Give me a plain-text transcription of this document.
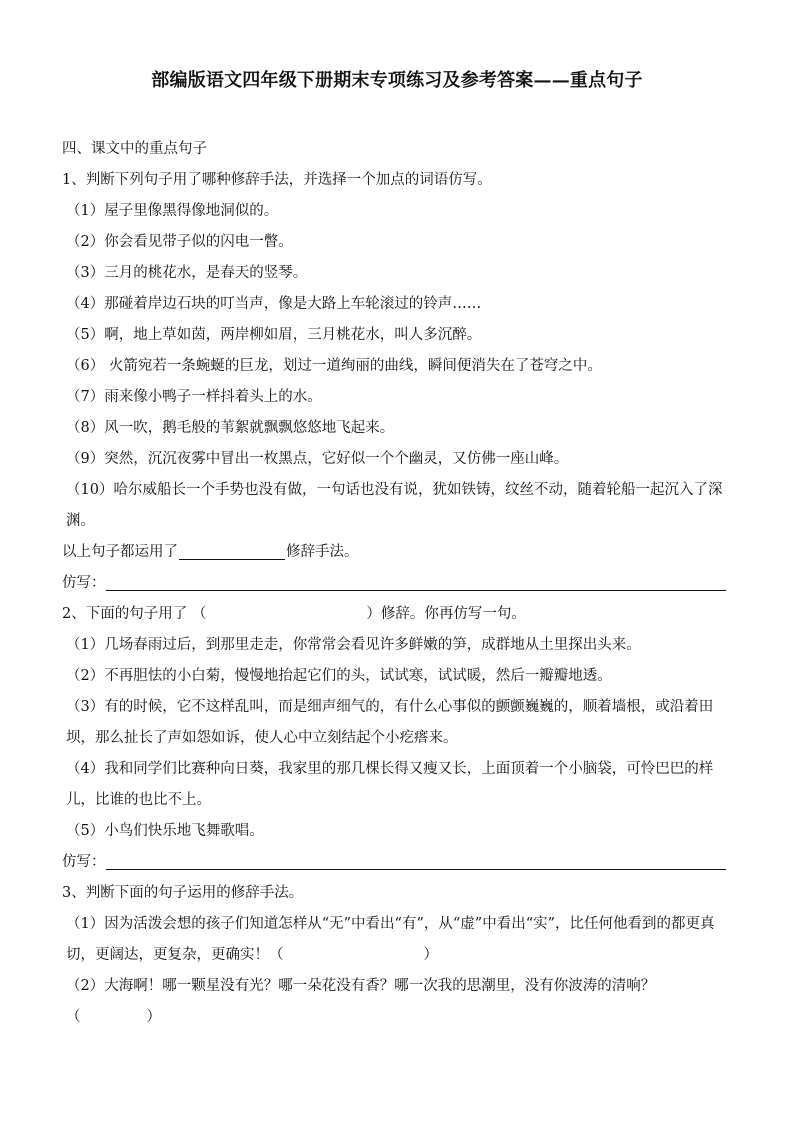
部编版语文四年级下册期末专项练习及参考答案——重点句子
四、课文中的重点句子
1、判断下列句子用了哪种修辞手法，并选择一个加点的词语仿写。
（1）屋子里像黑得像地洞似的。
（2）你会看见带子似的闪电一瞥。
（3）三月的桃花水，是春天的竖琴。
（4）那碰着岸边石块的叮当声，像是大路上车轮滚过的铃声……
（5）啊，地上草如茵，两岸柳如眉，三月桃花水，叫人多沉醉。
（6） 火箭宛若一条蜿蜒的巨龙，划过一道绚丽的曲线，瞬间便消失在了苍穹之中。
（7）雨来像小鸭子一样抖着头上的水。
（8）风一吹，鹅毛般的苇絮就飘飘悠悠地飞起来。
（9）突然，沉沉夜雾中冒出一枚黑点，它好似一个个幽灵，又仿佛一座山峰。
（10）哈尔威船长一个手势也没有做，一句话也没有说，犹如铁铸，纹丝不动，随着轮船一起沉入了深渊。
以上句子都运用了	修辞手法。
仿写：
2、下面的句子用了 （	）修辞。你再仿写一句。
（1）几场春雨过后，到那里走走，你常常会看见许多鲜嫩的笋，成群地从土里探出头来。
（2）不再胆怯的小白菊，慢慢地抬起它们的头，试试寒，试试暖，然后一瓣瓣地透。
（3）有的时候，它不这样乱叫，而是细声细气的，有什么心事似的颤颤巍巍的，顺着墙根，或沿着田坝，那么扯长了声如怨如诉，使人心中立刻结起个小疙瘩来。
（4）我和同学们比赛种向日葵，我家里的那几棵长得又瘦又长，上面顶着一个小脑袋，可怜巴巴的样儿，比谁的也比不上。
（5）小鸟们快乐地飞舞歌唱。
仿写：
3、判断下面的句子运用的修辞手法。
（1）因为活泼会想的孩子们知道怎样从“无”中看出“有”，从“虚”中看出“实”，比任何他看到的都更真切，更阔达，更复杂，更确实！（	）
（2）大海啊！哪一颗星没有光？哪一朵花没有香？哪一次我的思潮里，没有你波涛的清响？
（	）
